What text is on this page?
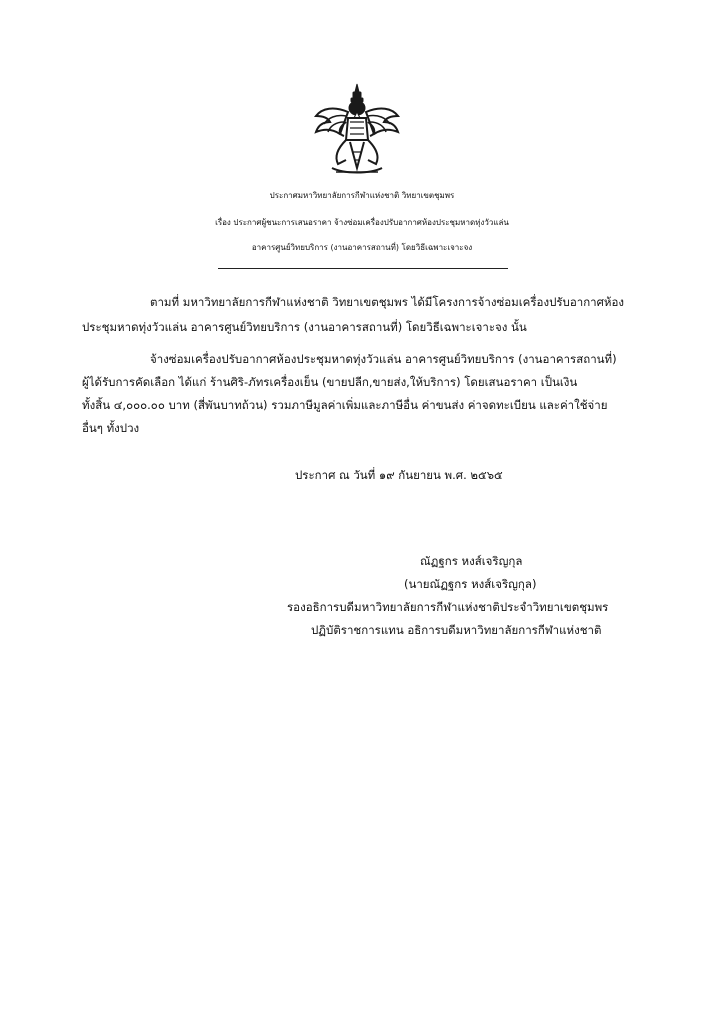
ประกาศมหาวิทยาลัยการกีฬาแห่งชาติ วิทยาเขตชุมพร
เรื่อง ประกาศผู้ชนะการเสนอราคา จ้างซ่อมเครื่องปรับอากาศห้องประชุมหาดทุ่งวัวแล่น
อาคารศูนย์วิทยบริการ (งานอาคารสถานที่) โดยวิธีเฉพาะเจาะจง
ตามที่ มหาวิทยาลัยการกีฬาแห่งชาติ วิทยาเขตชุมพร ได้มีโครงการจ้างซ่อมเครื่องปรับอากาศห้อง
ประชุมหาดทุ่งวัวแล่น อาคารศูนย์วิทยบริการ (งานอาคารสถานที่) โดยวิธีเฉพาะเจาะจง นั้น
จ้างซ่อมเครื่องปรับอากาศห้องประชุมหาดทุ่งวัวแล่น อาคารศูนย์วิทยบริการ (งานอาคารสถานที่)
ผู้ได้รับการคัดเลือก ได้แก่ ร้านศิริ-ภัทรเครื่องเย็น (ขายปลีก,ขายส่ง,ให้บริการ) โดยเสนอราคา เป็นเงิน
ทั้งสิ้น ๔,๐๐๐.๐๐ บาท (สี่พันบาทถ้วน) รวมภาษีมูลค่าเพิ่มและภาษีอื่น ค่าขนส่ง ค่าจดทะเบียน และค่าใช้จ่าย
อื่นๆ ทั้งปวง
ประกาศ ณ วันที่ ๑๙ กันยายน พ.ศ. ๒๕๖๕
ณัฏฐกร หงส์เจริญกุล
(นายณัฏฐกร หงส์เจริญกุล)
รองอธิการบดีมหาวิทยาลัยการกีฬาแห่งชาติประจำวิทยาเขตชุมพร
ปฏิบัติราชการแทน อธิการบดีมหาวิทยาลัยการกีฬาแห่งชาติ
